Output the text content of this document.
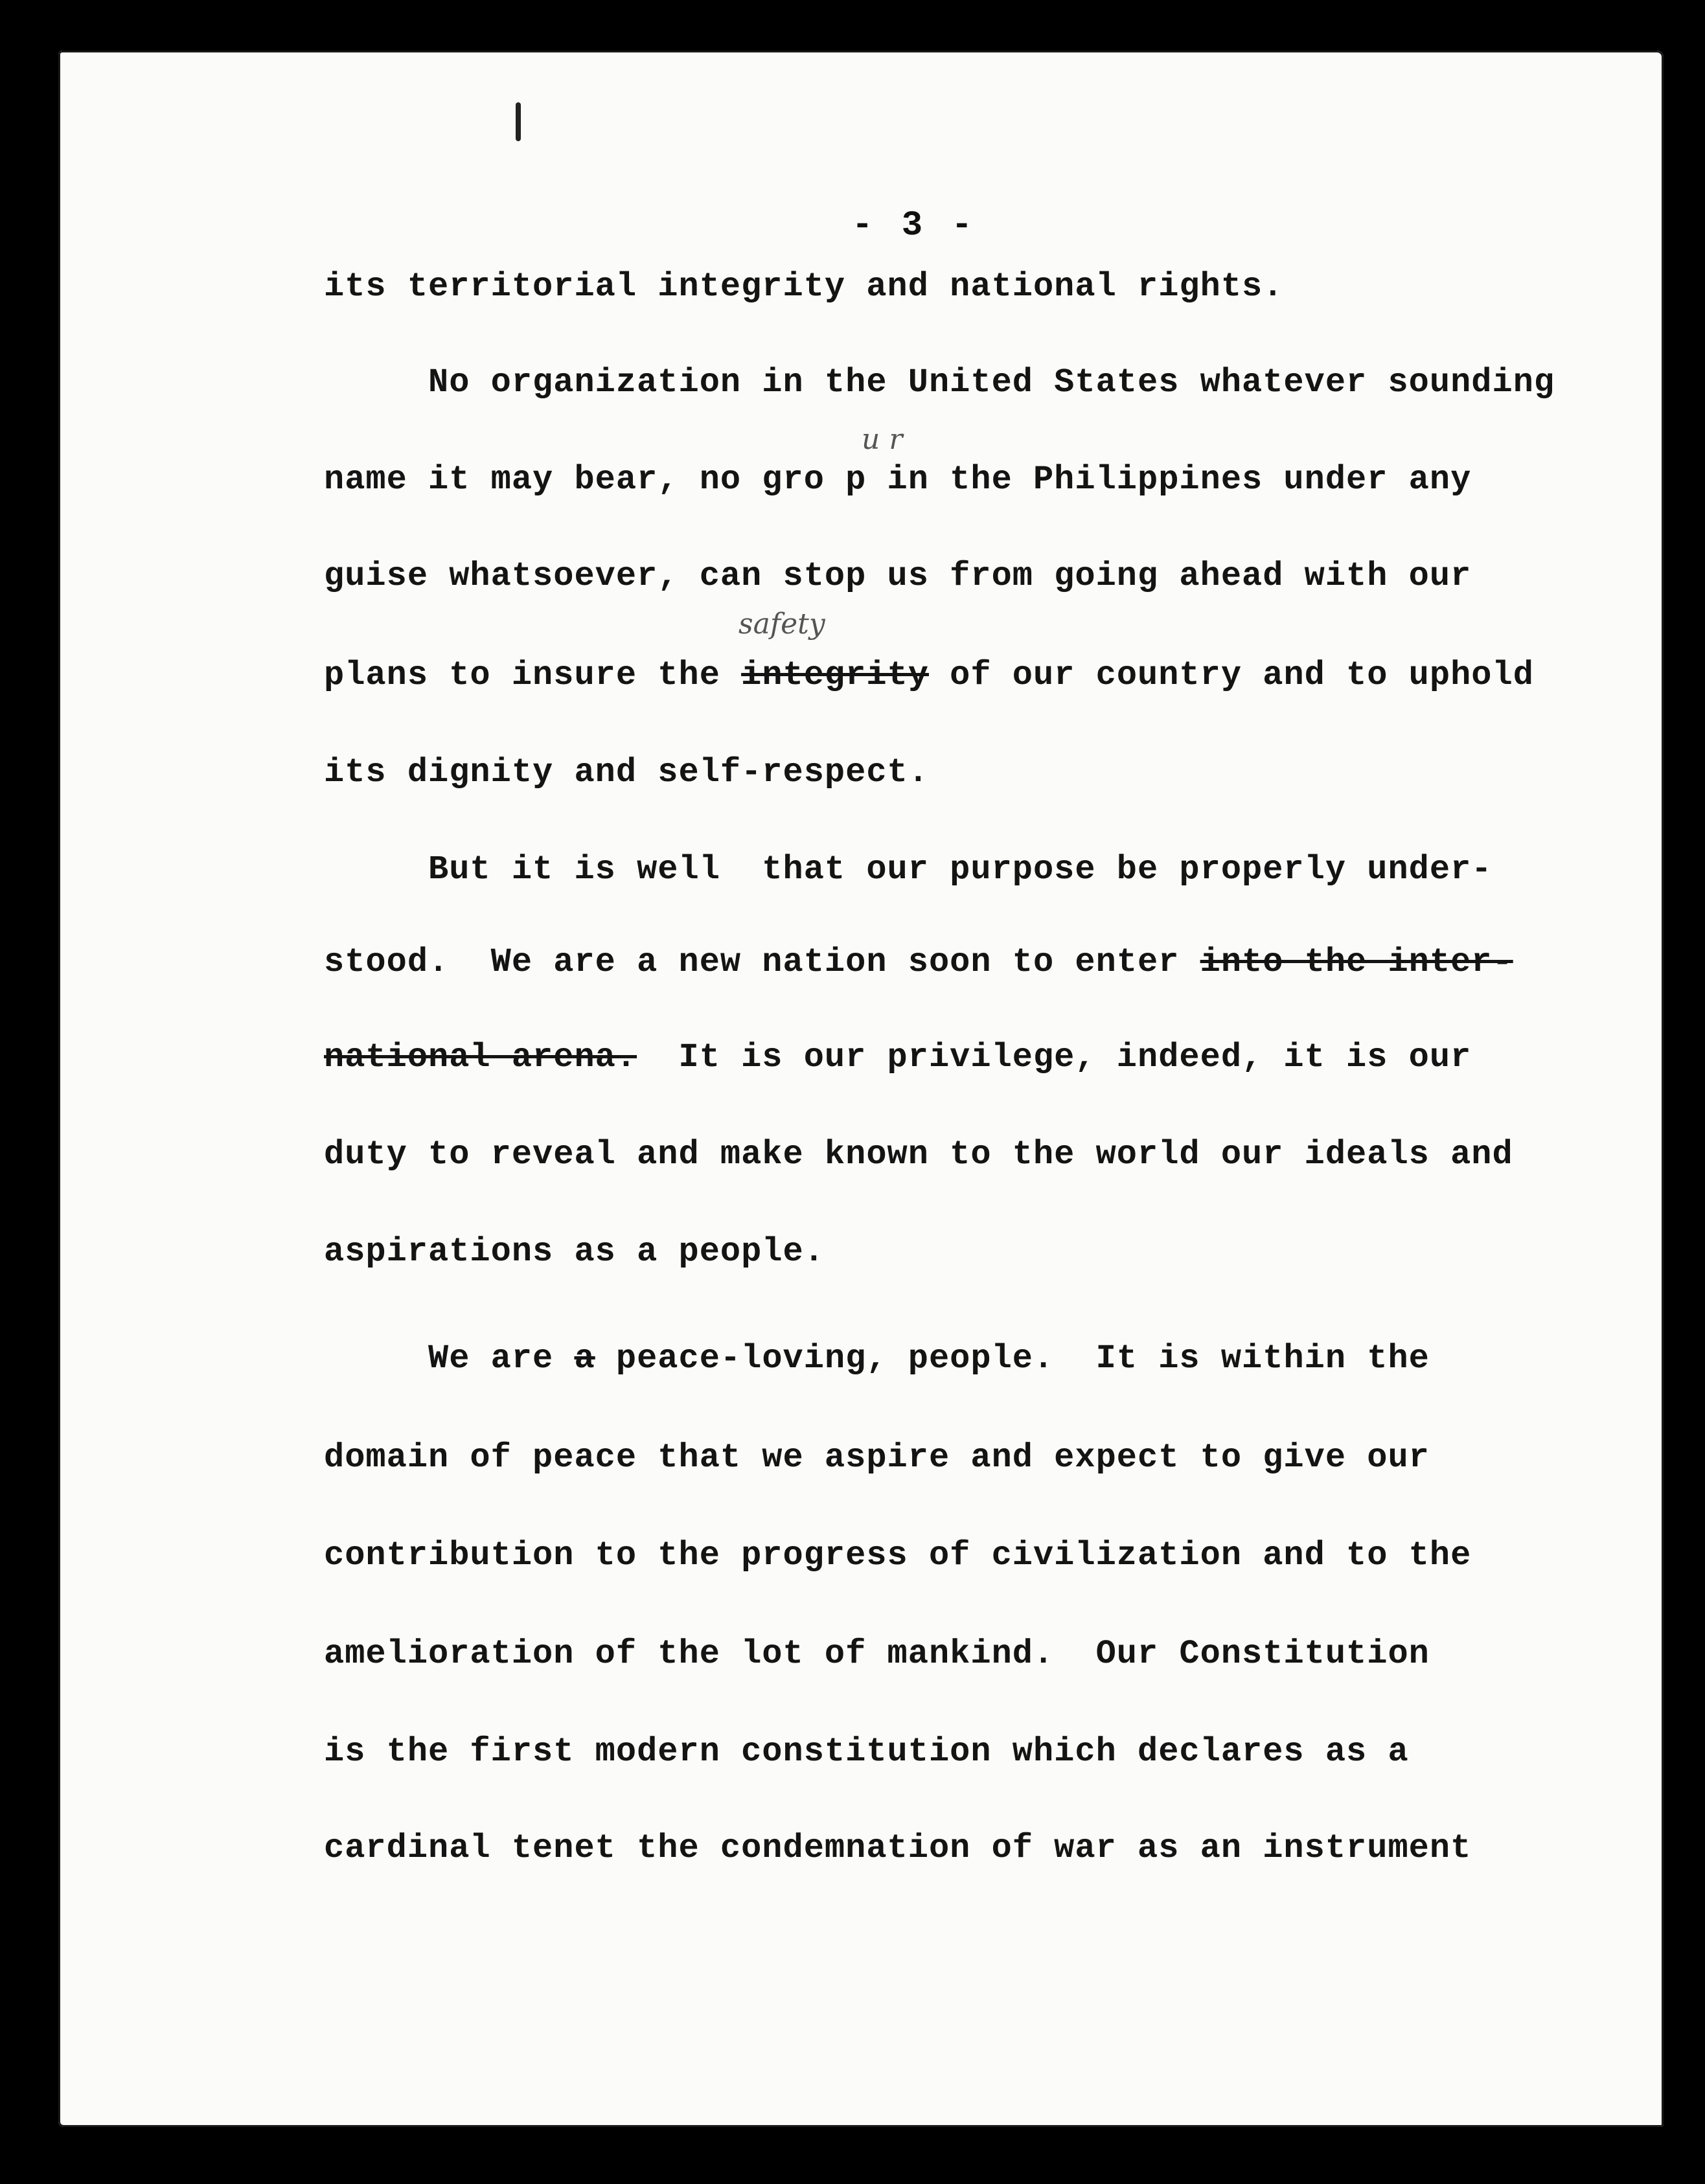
- 3 -
u r
safety
its territorial integrity and national rights.
No organization in the United States whatever sounding
name it may bear, no gro p in the Philippines under any
guise whatsoever, can stop us from going ahead with our
plans to insure the integrity of our country and to uphold
its dignity and self-respect.
But it is well  that our purpose be properly under-
stood.  We are a new nation soon to enter into the inter-
national arena.  It is our privilege, indeed, it is our
duty to reveal and make known to the world our ideals and
aspirations as a people.
We are a peace-loving, people.  It is within the
domain of peace that we aspire and expect to give our
contribution to the progress of civilization and to the
amelioration of the lot of mankind.  Our Constitution
is the first modern constitution which declares as a
cardinal tenet the condemnation of war as an instrument
